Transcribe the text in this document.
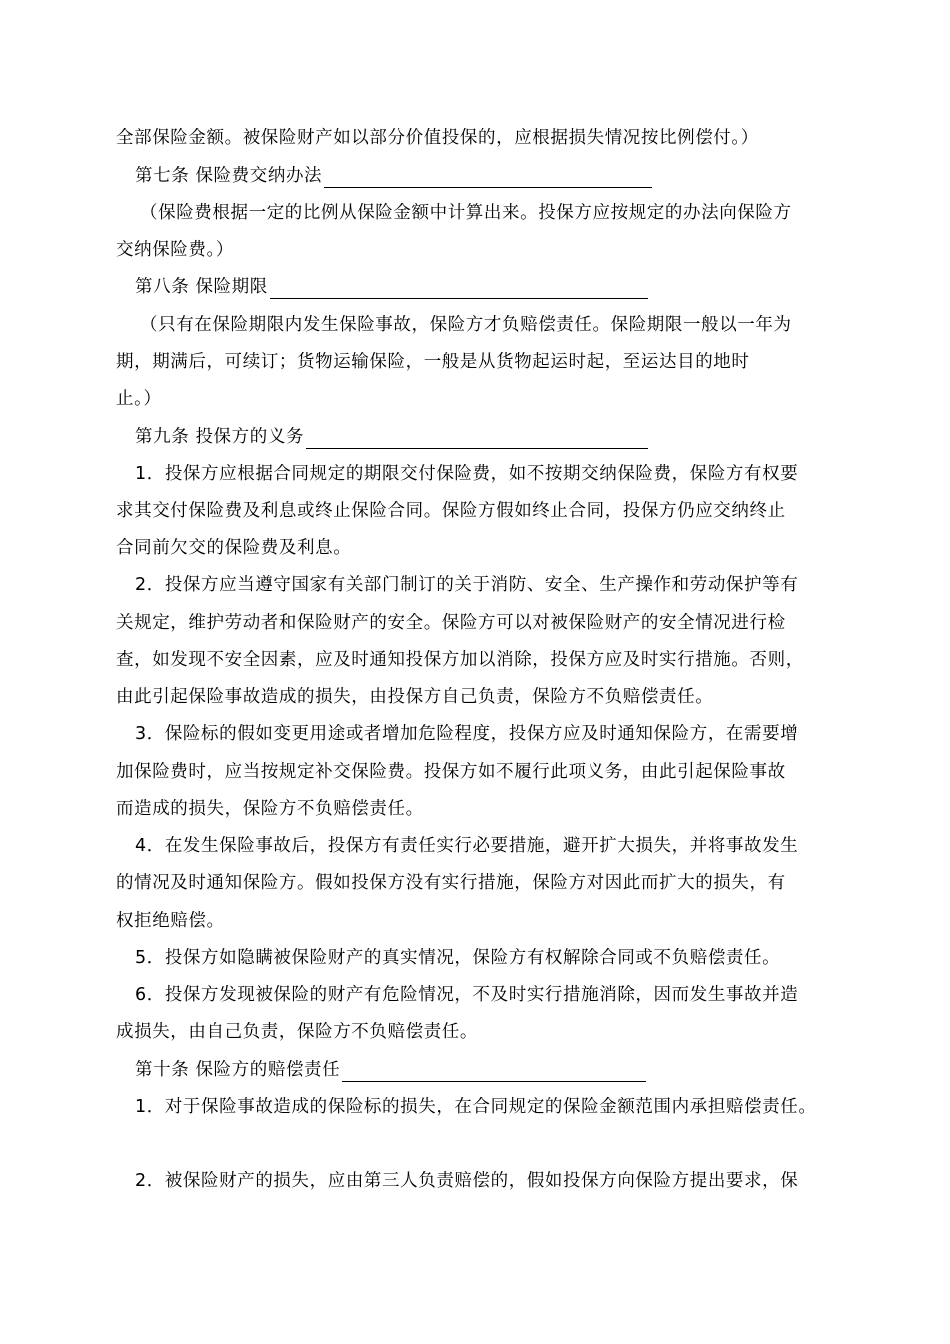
全部保险金额。被保险财产如以部分价值投保的，应根据损失情况按比例偿付。）
第七条 保险费交纳办法
（保险费根据一定的比例从保险金额中计算出来。投保方应按规定的办法向保险方
交纳保险费。）
第八条 保险期限
（只有在保险期限内发生保险事故，保险方才负赔偿责任。保险期限一般以一年为
期，期满后，可续订；货物运输保险，一般是从货物起运时起，至运达目的地时
止。）
第九条 投保方的义务
1．投保方应根据合同规定的期限交付保险费，如不按期交纳保险费，保险方有权要
求其交付保险费及利息或终止保险合同。保险方假如终止合同，投保方仍应交纳终止
合同前欠交的保险费及利息。
2．投保方应当遵守国家有关部门制订的关于消防、安全、生产操作和劳动保护等有
关规定，维护劳动者和保险财产的安全。保险方可以对被保险财产的安全情况进行检
查，如发现不安全因素，应及时通知投保方加以消除，投保方应及时实行措施。否则，
由此引起保险事故造成的损失，由投保方自己负责，保险方不负赔偿责任。
3．保险标的假如变更用途或者增加危险程度，投保方应及时通知保险方，在需要增
加保险费时，应当按规定补交保险费。投保方如不履行此项义务，由此引起保险事故
而造成的损失，保险方不负赔偿责任。
4．在发生保险事故后，投保方有责任实行必要措施，避开扩大损失，并将事故发生
的情况及时通知保险方。假如投保方没有实行措施，保险方对因此而扩大的损失，有
权拒绝赔偿。
5．投保方如隐瞒被保险财产的真实情况，保险方有权解除合同或不负赔偿责任。
6．投保方发现被保险的财产有危险情况，不及时实行措施消除，因而发生事故并造
成损失，由自己负责，保险方不负赔偿责任。
第十条 保险方的赔偿责任
1．对于保险事故造成的保险标的损失，在合同规定的保险金额范围内承担赔偿责任。
2．被保险财产的损失，应由第三人负责赔偿的，假如投保方向保险方提出要求，保
